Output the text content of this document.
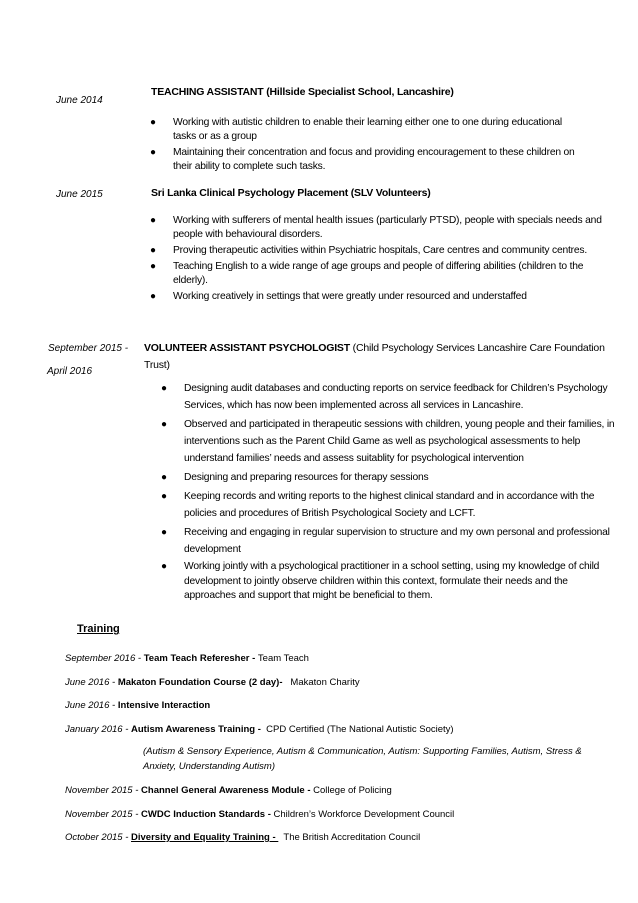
June 2014
TEACHING ASSISTANT (Hillside Specialist School, Lancashire)
● Working with autistic children to enable their learning either one to one during educational tasks or as a group
● Maintaining their concentration and focus and providing encouragement to these children on their ability to complete such tasks.
June 2015	Sri Lanka Clinical Psychology Placement (SLV Volunteers)
● Working with sufferers of mental health issues (particularly PTSD), people with specials needs and people with behavioural disorders.
● Proving therapeutic activities within Psychiatric hospitals, Care centres and community centres.
● Teaching English to a wide range of age groups and people of differing abilities (children to the elderly).
● Working creatively in settings that were greatly under resourced and understaffed
September 2015 -
April 2016
VOLUNTEER ASSISTANT PSYCHOLOGIST (Child Psychology Services Lancashire Care Foundation Trust)
● Designing audit databases and conducting reports on service feedback for Children’s Psychology Services, which has now been implemented across all services in Lancashire.
● Observed and participated in therapeutic sessions with children, young people and their families, in interventions such as the Parent Child Game as well as psychological assessments to help understand families’ needs and assess suitablity for psychological intervention
● Designing and preparing resources for therapy sessions
● Keeping records and writing reports to the highest clinical standard and in accordance with the policies and procedures of British Psychological Society and LCFT.
● Receiving and engaging in regular supervision to structure and my own personal and professional development
● Working jointly with a psychological practitioner in a school setting, using my knowledge of child development to jointly observe children within this context, formulate their needs and the approaches and support that might be beneficial to them.
Training
September 2016 - Team Teach Referesher - Team Teach
June 2016 - Makaton Foundation Course (2 day)-   Makaton Charity
June 2016 - Intensive Interaction
January 2016 - Autism Awareness Training -  CPD Certified (The National Autistic Society)
(Autism & Sensory Experience, Autism & Communication, Autism: Supporting Families, Autism, Stress & Anxiety, Understanding Autism)
November 2015 - Channel General Awareness Module - College of Policing
November 2015 - CWDC Induction Standards - Children’s Workforce Development Council
October 2015 - Diversity and Equality Training -   The British Accreditation Council
